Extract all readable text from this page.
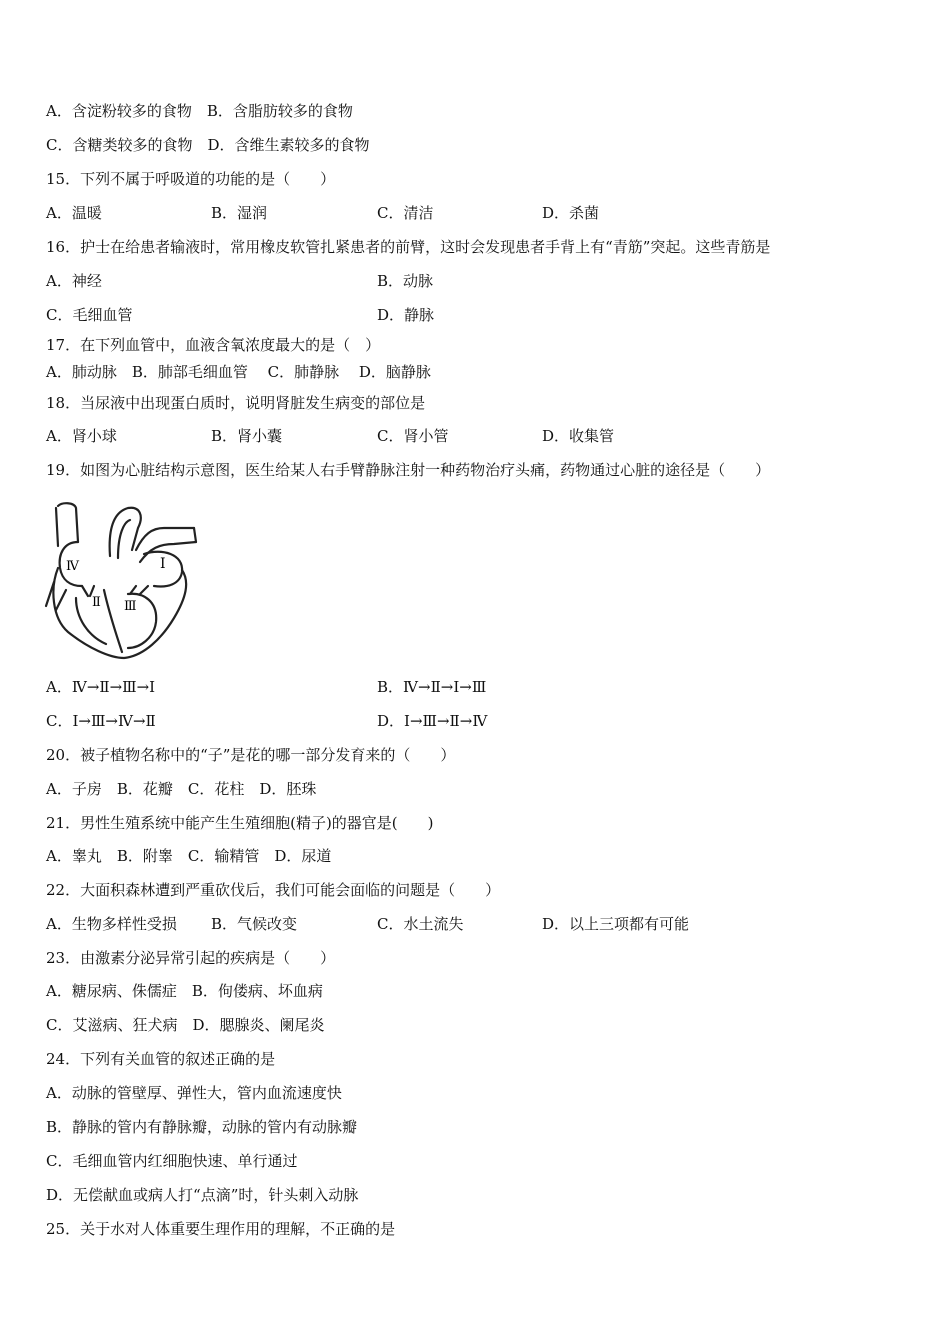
A．含淀粉较多的食物　B．含脂肪较多的食物
C．含糖类较多的食物　D．含维生素较多的食物
15．下列不属于呼吸道的功能的是（　　）
A．温暖	B．湿润	C．清洁	D．杀菌
16．护士在给患者输液时，常用橡皮软管扎紧患者的前臂，这时会发现患者手背上有“青筋”突起。这些青筋是
A．神经	B．动脉
C．毛细血管	D．静脉
17．在下列血管中，血液含氧浓度最大的是（　）
A．肺动脉　B．肺部毛细血管　 C．肺静脉　 D．脑静脉
18．当尿液中出现蛋白质时，说明肾脏发生病变的部位是
A．肾小球	B．肾小囊	C．肾小管	D．收集管
19．如图为心脏结构示意图，医生给某人右手臂静脉注射一种药物治疗头痛，药物通过心脏的途径是（　　）
Ⅳ	Ⅰ
Ⅱ Ⅲ
A．Ⅳ→Ⅱ→Ⅲ→Ⅰ	B．Ⅳ→Ⅱ→Ⅰ→Ⅲ
C．Ⅰ→Ⅲ→Ⅳ→Ⅱ	D．Ⅰ→Ⅲ→Ⅱ→Ⅳ
20．被子植物名称中的“子”是花的哪一部分发育来的（　　）
A．子房　B．花瓣　C．花柱　D．胚珠
21．男性生殖系统中能产生生殖细胞(精子)的器官是(　　)
A．睾丸　B．附睾　C．输精管　D．尿道
22．大面积森林遭到严重砍伐后，我们可能会面临的问题是（　　）
A．生物多样性受损 B．气候改变	C．水土流失	D．以上三项都有可能
23．由激素分泌异常引起的疾病是（　　）
A．糖尿病、侏儒症　B．佝偻病、坏血病
C．艾滋病、狂犬病　D．腮腺炎、阑尾炎
24．下列有关血管的叙述正确的是
A．动脉的管壁厚、弹性大，管内血流速度快
B．静脉的管内有静脉瓣，动脉的管内有动脉瓣
C．毛细血管内红细胞快速、单行通过
D．无偿献血或病人打“点滴”时，针头刺入动脉
25．关于水对人体重要生理作用的理解，不正确的是
